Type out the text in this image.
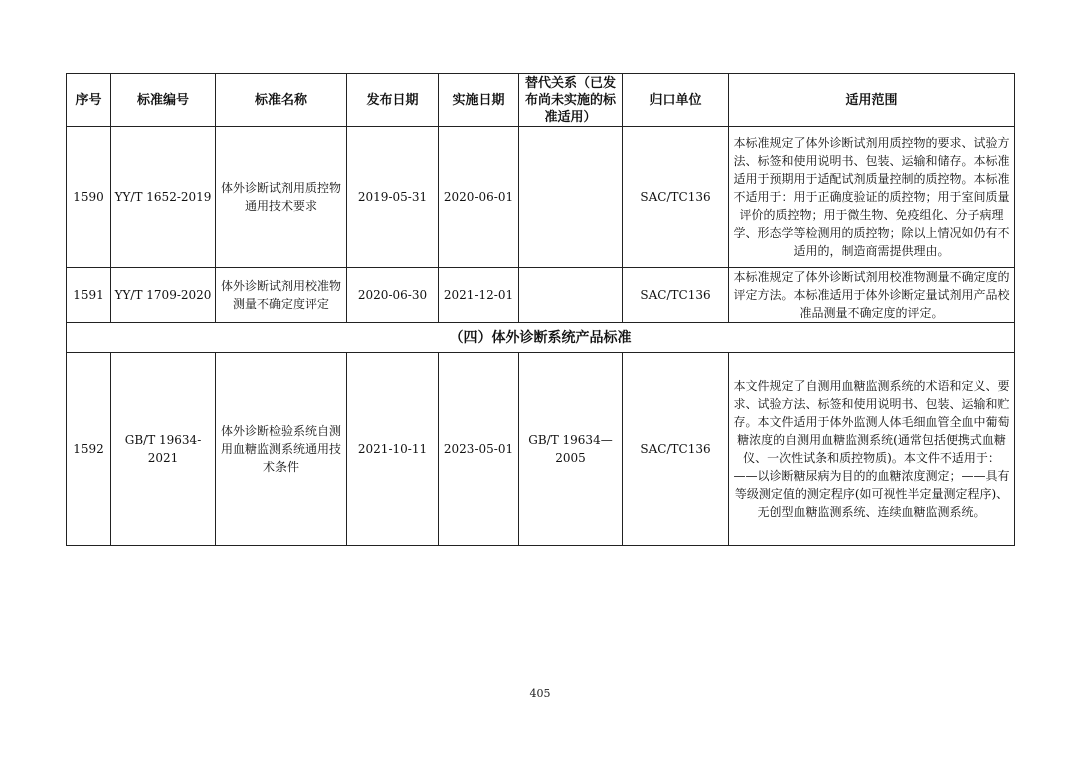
序号	标准编号	标准名称	发布日期	实施日期	替代关系（已发布尚未实施的标准适用）	归口单位	适用范围
1590	YY/T 1652-2019	体外诊断试剂用质控物通用技术要求	2019-05-31	2020-06-01		SAC/TC136	本标准规定了体外诊断试剂用质控物的要求、试验方法、标签和使用说明书、包装、运输和储存。本标准适用于预期用于适配试剂质量控制的质控物。本标准不适用于：用于正确度验证的质控物；用于室间质量评价的质控物；用于微生物、免疫组化、分子病理学、形态学等检测用的质控物；除以上情况如仍有不适用的，制造商需提供理由。
1591	YY/T 1709-2020	体外诊断试剂用校准物测量不确定度评定	2020-06-30	2021-12-01		SAC/TC136	本标准规定了体外诊断试剂用校准物测量不确定度的评定方法。本标准适用于体外诊断定量试剂用产品校准品测量不确定度的评定。
（四）体外诊断系统产品标准							
1592	GB/T 19634-2021	体外诊断检验系统自测用血糖监测系统通用技术条件	2021-10-11	2023-05-01	GB/T 19634—2005	SAC/TC136	本文件规定了自测用血糖监测系统的术语和定义、要求、试验方法、标签和使用说明书、包装、运输和贮存。本文件适用于体外监测人体毛细血管全血中葡萄糖浓度的自测用血糖监测系统(通常包括便携式血糖仪、一次性试条和质控物质)。本文件不适用于：——以诊断糖尿病为目的的血糖浓度测定；——具有等级测定值的测定程序(如可视性半定量测定程序)、无创型血糖监测系统、连续血糖监测系统。
405
